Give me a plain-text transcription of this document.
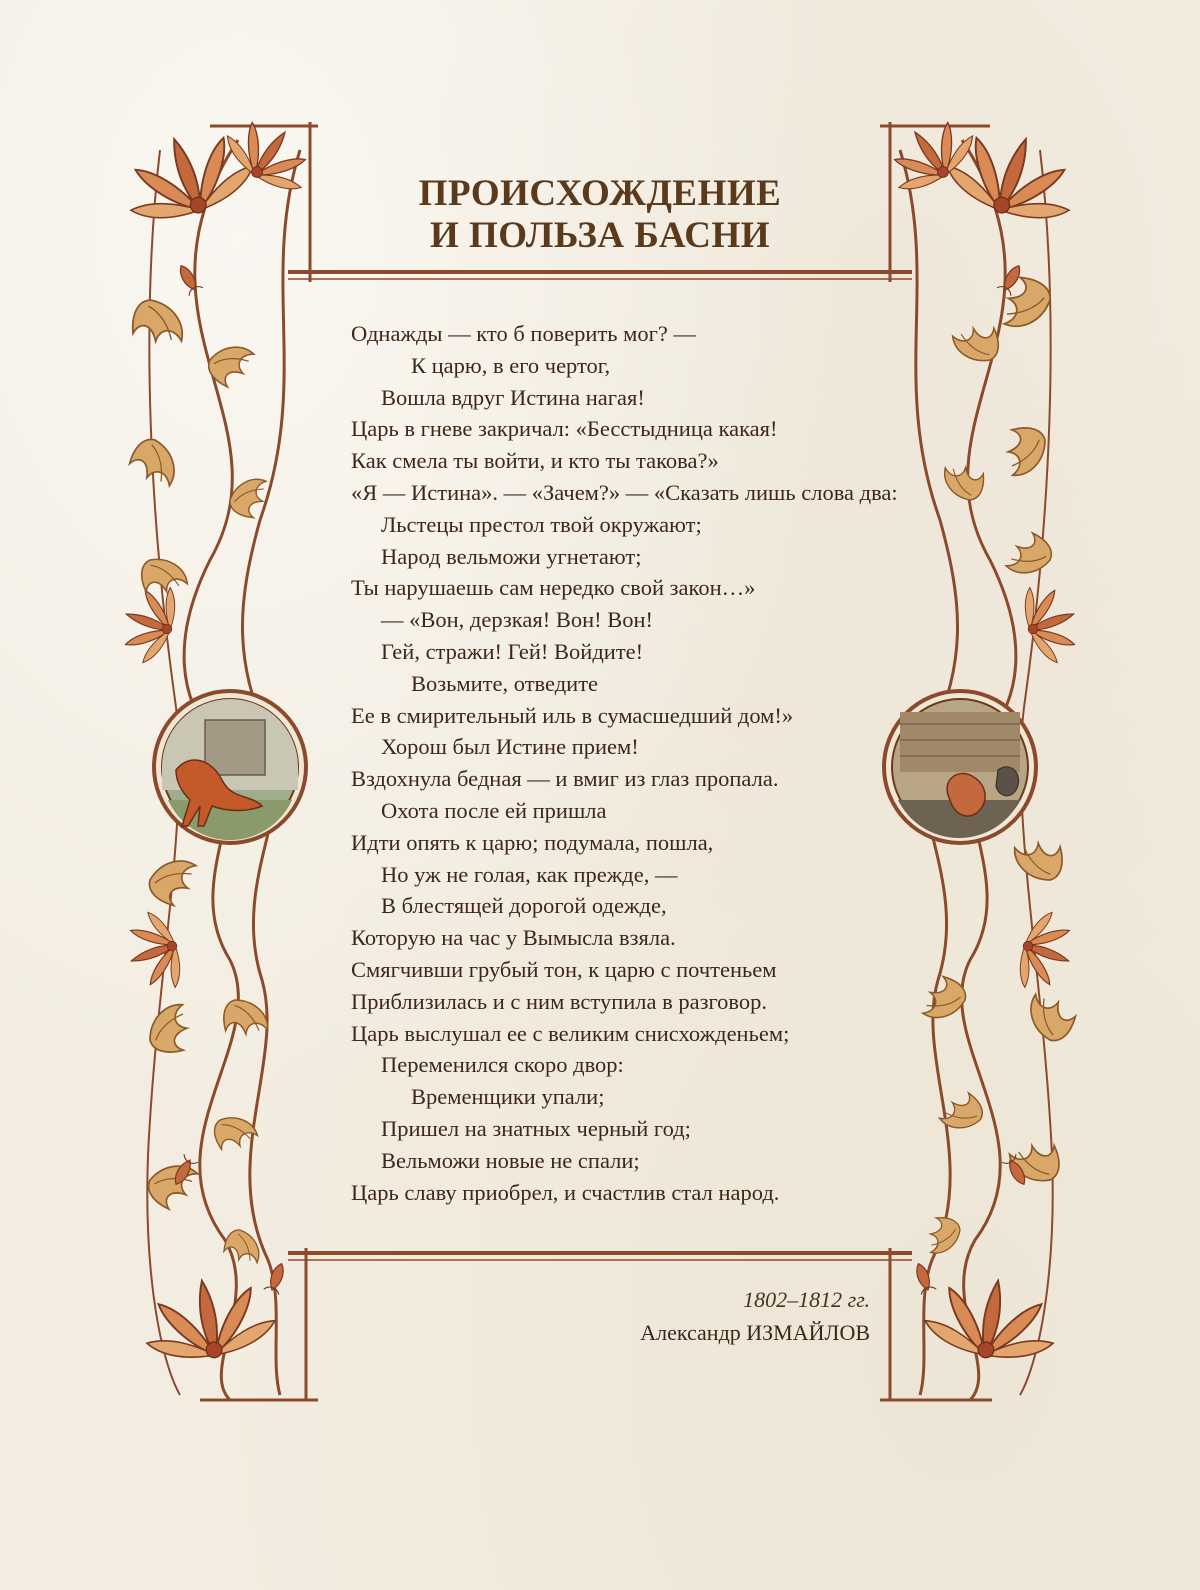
ПРОИСХОЖДЕНИЕ
И ПОЛЬЗА БАСНИ
Однажды — кто б поверить мог? —
К царю, в его чертог,
Вошла вдруг Истина нагая!
Царь в гневе закричал: «Бесстыдница какая!
Как смела ты войти, и кто ты такова?»
«Я — Истина». — «Зачем?» — «Сказать лишь слова два:
Льстецы престол твой окружают;
Народ вельможи угнетают;
Ты нарушаешь сам нередко свой закон…»
— «Вон, дерзкая! Вон! Вон!
Гей, стражи! Гей! Войдите!
Возьмите, отведите
Ее в смирительный иль в сумасшедший дом!»
Хорош был Истине прием!
Вздохнула бедная — и вмиг из глаз пропала.
Охота после ей пришла
Идти опять к царю; подумала, пошла,
Но уж не голая, как прежде, —
В блестящей дорогой одежде,
Которую на час у Вымысла взяла.
Смягчивши грубый тон, к царю с почтеньем
Приблизилась и с ним вступила в разговор.
Царь выслушал ее с великим снисхожденьем;
Переменился скоро двор:
Временщики упали;
Пришел на знатных черный год;
Вельможи новые не спали;
Царь славу приобрел, и счастлив стал народ.
1802–1812 гг.
Александр ИЗМАЙЛОВ
